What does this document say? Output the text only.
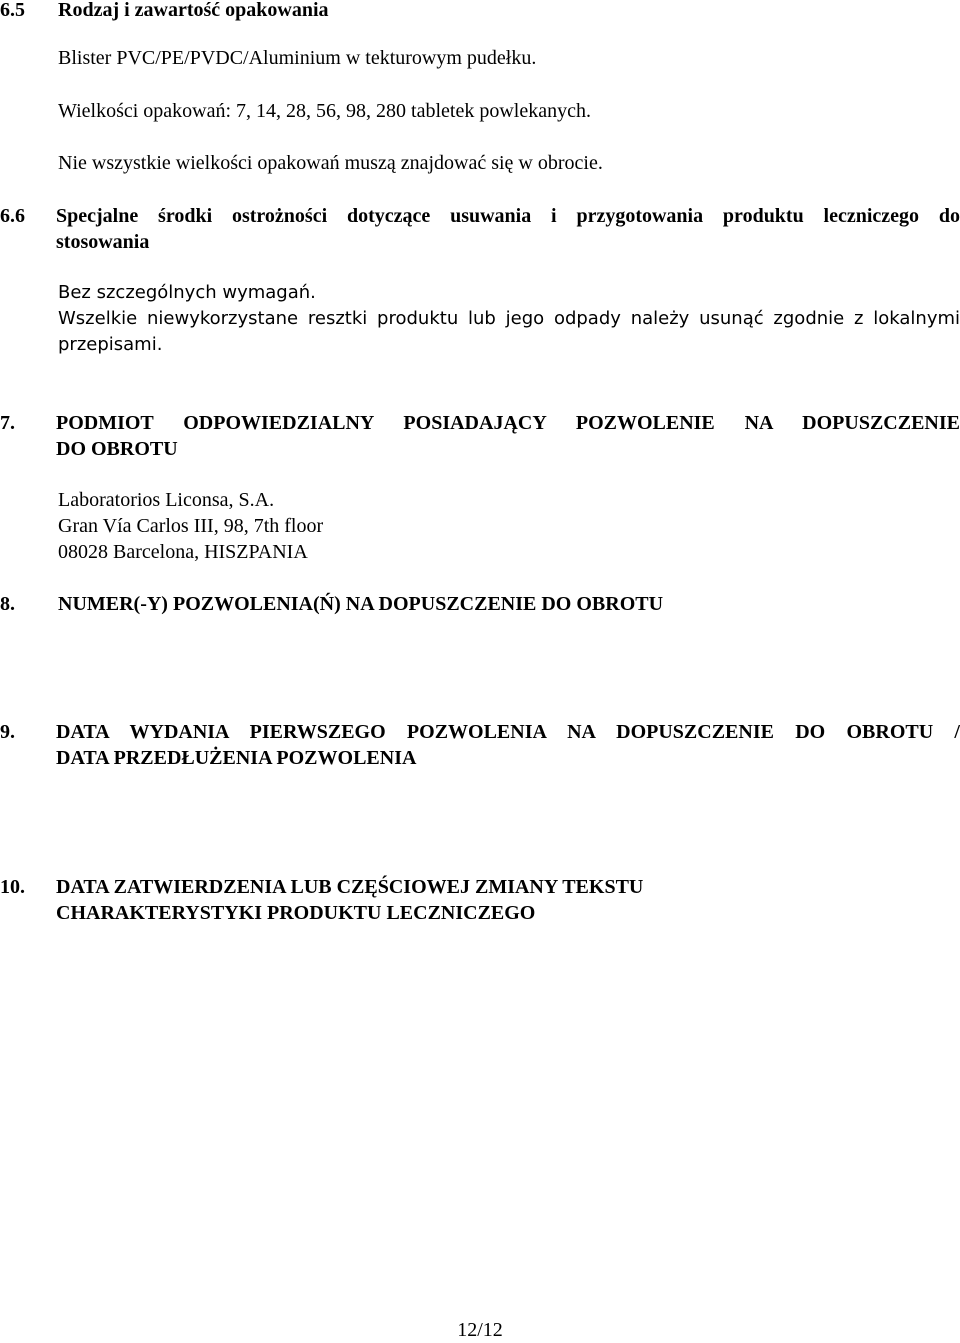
6.5 Rodzaj i zawartość opakowania

Blister PVC/PE/PVDC/Aluminium w tekturowym pudełku.

Wielkości opakowań: 7, 14, 28, 56, 98, 280 tabletek powlekanych.

Nie wszystkie wielkości opakowań muszą znajdować się w obrocie.

6.6 Specjalne środki ostrożności dotyczące usuwania i przygotowania produktu leczniczego do

stosowania

Bez szczególnych wymagań.

Wszelkie niewykorzystane resztki produktu lub jego odpady należy usunąć zgodnie z lokalnymi

przepisami.

7. PODMIOT ODPOWIEDZIALNY POSIADAJĄCY POZWOLENIE NA DOPUSZCZENIE

DO OBROTU

Laboratorios Liconsa, S.A.

Gran Vía Carlos III, 98, 7th floor

08028 Barcelona, HISZPANIA

8. NUMER(-Y) POZWOLENIA(Ń) NA DOPUSZCZENIE DO OBROTU
9. DATA WYDANIA PIERWSZEGO POZWOLENIA NA DOPUSZCZENIE DO OBROTU /

DATA PRZEDŁUŻENIA POZWOLENIA

10. DATA ZATWIERDZENIA LUB CZĘŚCIOWEJ ZMIANY TEKSTU

CHARAKTERYSTYKI PRODUKTU LECZNICZEGO

12/12
